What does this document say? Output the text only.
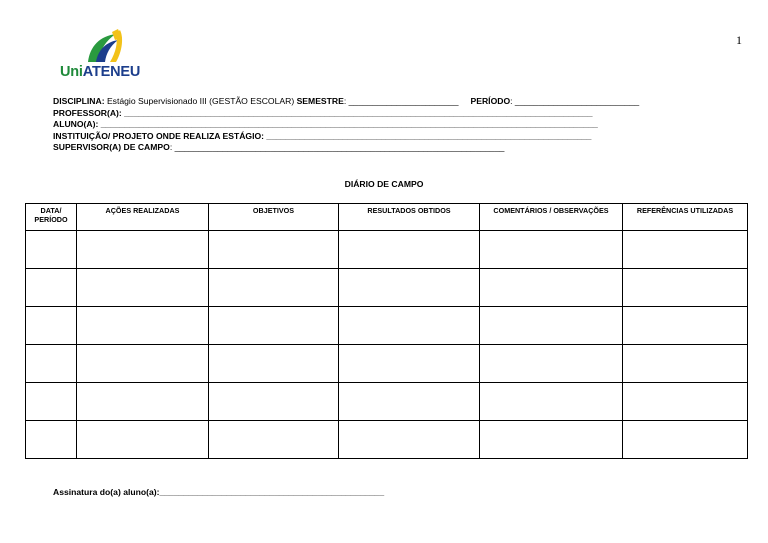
1
UniATENEU
DISCIPLINA: Estágio Supervisionado III (GESTÃO ESCOLAR) SEMESTRE: _______________________ PERÍODO: __________________________
PROFESSOR(A): __________________________________________________________________________________________________
ALUNO(A): ________________________________________________________________________________________________________
INSTITUIÇÃO/ PROJETO ONDE REALIZA ESTÁGIO: ____________________________________________________________________
SUPERVISOR(A) DE CAMPO: _____________________________________________________________________
DIÁRIO DE CAMPO
DATA/ PERÍODO	AÇÕES REALIZADAS	OBJETIVOS	RESULTADOS OBTIDOS	COMENTÁRIOS / OBSERVAÇÕES	REFERÊNCIAS UTILIZADAS

Assinatura do(a) aluno(a):_______________________________________________
